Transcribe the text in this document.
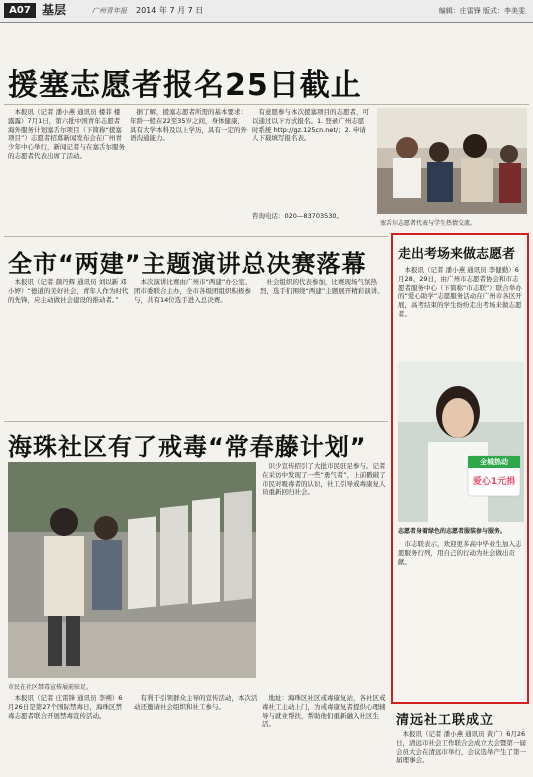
A07 基层	广州青年报 2014 年 7 月 7 日	编辑：庄雷锋 版式：李美雯
援塞志愿者报名25日截止

本报讯（记者 潘小燕 通讯员 楼菲 楼露露）7月1日，第六批中国青年志愿者海外服务计划塞舌尔项目（下简称“援塞项目”）志愿者招募新闻发布会在广州青少年中心举行，新闻记者与在塞舌尔服务的志愿者代表出席了活动。

据了解，援塞志愿者所需的基本要求：年龄一般在22至35岁之间，身体健康，具有大学本科及以上学历，具有一定的外语沟通能力。

有意愿参与本次援塞项目的志愿者，可以通过以下方式报名。1. 登录广州志愿时系统 http://gz.125cn.net/；2. 申请人下载填写报名表。

咨询电话：020—83703530。

塞舌尔志愿者代表与学生热情交流。
全市“两建”主题演讲总决赛落幕

本报讯（记者 颜丹辉 通讯员 刘以新 邓小婷）“德道的美好社会，青年人作为时代的先锋，应主动做社会建设的推动者。”

本次演讲比赛由广州市“两建”办公室、团市委联合主办，全市各级团组织积极参与，共有14位选手进入总决赛。

社会组织的代表参加，比赛现场气氛热烈，选手们围绕“两建”主题展开精彩演讲。

海珠社区有了戒毒“常春藤计划”
市民在社区禁毒宣传展前驻足。

识少宣传招引了大批市民驻足参与。记者在采访中发现了一些“勇气者”，上前戳破了市民对吸毒者的认识，社工引导戒毒康复人员重新回归社会。

本报讯（记者 庄雷锋 通讯员 李朔）6月26日是第27个国际禁毒日，海珠区禁毒志愿者联合开展禁毒宣传活动。

有利于引领群众主导的宣传活动，本次活动还邀请社会组织和社工参与。

地址：海珠区社区戒毒康复站，各社区戒毒社工主动上门，为戒毒康复者提供心理辅导与就业帮扶，帮助他们重新融入社区生活。

走出考场来做志愿者

本报讯（记者 潘小燕 通讯员 李健勤）6月28、29日，由广州市志愿者协会和市志愿者服务中心（下简称“市志联”）联合举办的“爱心助学”志愿服务活动在广州市各区开展，高考结束的学生纷纷走出考场来做志愿者。

全城热动
爱心1元捐
志愿者身着绿色的志愿者服装参与服务。

市志联表示，欢迎更多高中毕业生加入志愿服务行列，用自己的行动为社会做出贡献。

清远社工联成立

本报讯（记者 潘小燕 通讯员 黄广）6月26日，清远市社会工作联合会成立大会暨第一届会员大会在清远市举行，会议选举产生了第一届理事会。
